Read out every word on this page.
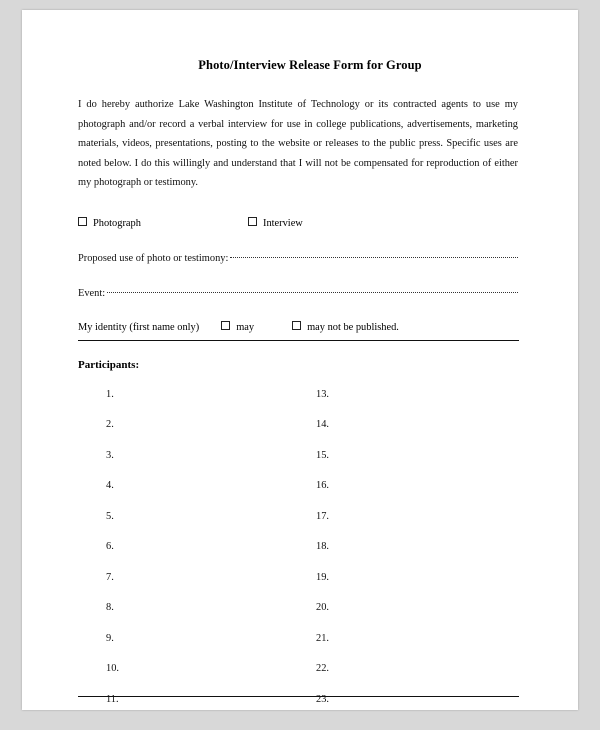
Photo/Interview Release Form for Group

I do hereby authorize Lake Washington Institute of Technology or its contracted agents to use my photograph and/or record a verbal interview for use in college publications, advertisements, marketing materials, videos, presentations, posting to the website or releases to the public press. Specific uses are noted below. I do this willingly and understand that I will not be compensated for reproduction of either my photograph or testimony.

Photograph	Interview
Proposed use of photo or testimony:
Event:
My identity (first name only)	may	may not be published.
Participants:
1.
2.
3.
4.
5.
6.
7.
8.
9.
10.
11.
13.
14.
15.
16.
17.
18.
19.
20.
21.
22.
23.
